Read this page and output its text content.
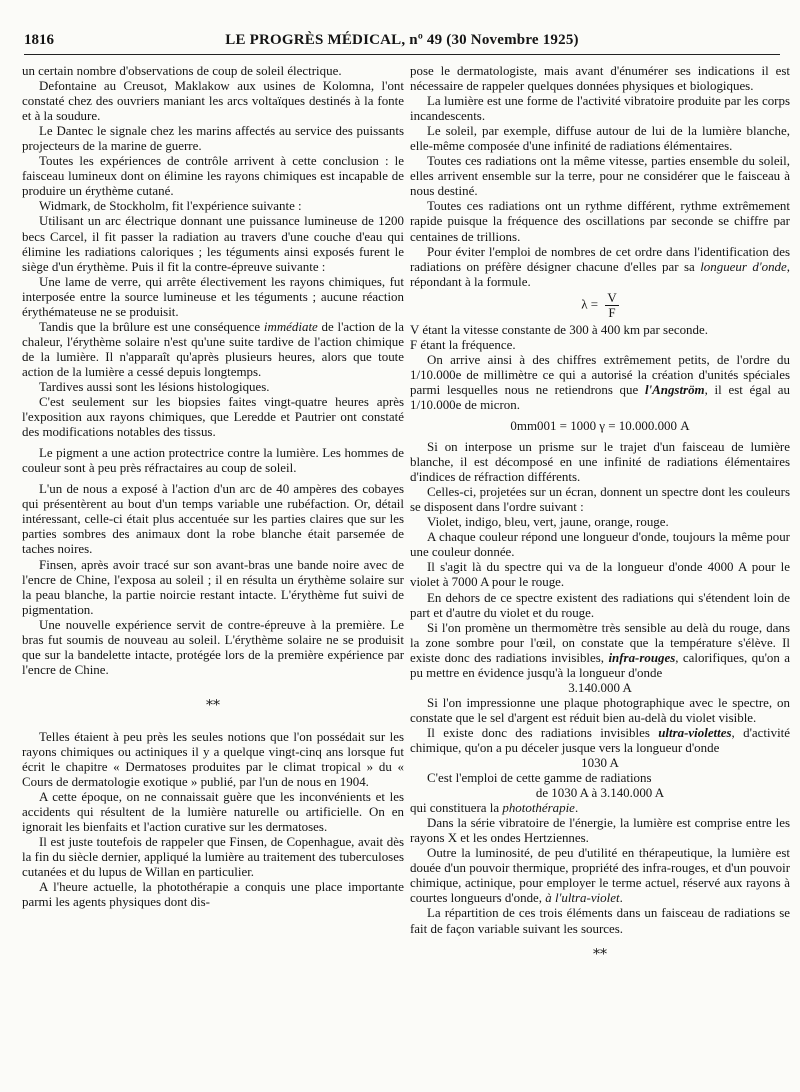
1816	LE PROGRÈS MÉDICAL, nº 49 (30 Novembre 1925)

un certain nombre d'observations de coup de soleil électrique.

Defontaine au Creusot, Maklakow aux usines de Kolomna, l'ont constaté chez des ouvriers maniant les arcs voltaïques destinés à la fonte et à la soudure.

Le Dantec le signale chez les marins affectés au service des puissants projecteurs de la marine de guerre.

Toutes les expériences de contrôle arrivent à cette conclusion : le faisceau lumineux dont on élimine les rayons chimiques est incapable de produire un érythème cutané.

Widmark, de Stockholm, fit l'expérience suivante :

Utilisant un arc électrique donnant une puissance lumineuse de 1200 becs Carcel, il fit passer la radiation au travers d'une couche d'eau qui élimine les radiations caloriques ; les téguments ainsi exposés furent le siège d'un érythème. Puis il fit la contre-épreuve suivante :

Une lame de verre, qui arrête électivement les rayons chimiques, fut interposée entre la source lumineuse et les téguments ; aucune réaction érythémateuse ne se produisit.

Tandis que la brûlure est une conséquence immédiate de l'action de la chaleur, l'érythème solaire n'est qu'une suite tardive de l'action chimique de la lumière. Il n'apparaît qu'après plusieurs heures, alors que toute action de la lumière a cessé depuis longtemps.

Tardives aussi sont les lésions histologiques.

C'est seulement sur les biopsies faites vingt-quatre heures après l'exposition aux rayons chimiques, que Leredde et Pautrier ont constaté des modifications notables des tissus.

Le pigment a une action protectrice contre la lumière. Les hommes de couleur sont à peu près réfractaires au coup de soleil.

L'un de nous a exposé à l'action d'un arc de 40 ampères des cobayes qui présentèrent au bout d'un temps variable une rubéfaction. Or, détail intéressant, celle-ci était plus accentuée sur les parties claires que sur les parties sombres des animaux dont la robe blanche était parsemée de taches noires.

Finsen, après avoir tracé sur son avant-bras une bande noire avec de l'encre de Chine, l'exposa au soleil ; il en résulta un érythème solaire sur la peau blanche, la partie noircie restant intacte. L'érythème fut suivi de pigmentation.

Une nouvelle expérience servit de contre-épreuve à la première. Le bras fut soumis de nouveau au soleil. L'érythème solaire ne se produisit que sur la bandelette intacte, protégée lors de la première expérience par l'encre de Chine.

⁎⁎

Telles étaient à peu près les seules notions que l'on possédait sur les rayons chimiques ou actiniques il y a quelque vingt-cinq ans lorsque fut écrit le chapitre « Dermatoses produites par le climat tropical » du « Cours de dermatologie exotique » publié, par l'un de nous en 1904.

A cette époque, on ne connaissait guère que les inconvénients et les accidents qui résultent de la lumière naturelle ou artificielle. On en ignorait les bienfaits et l'action curative sur les dermatoses.

Il est juste toutefois de rappeler que Finsen, de Copenhague, avait dès la fin du siècle dernier, appliqué la lumière au traitement des tuberculoses cutanées et du lupus de Willan en particulier.

A l'heure actuelle, la photothérapie a conquis une place importante parmi les agents physiques dont dis-

pose le dermatologiste, mais avant d'énumérer ses indications il est nécessaire de rappeler quelques données physiques et biologiques.

La lumière est une forme de l'activité vibratoire produite par les corps incandescents.

Le soleil, par exemple, diffuse autour de lui de la lumière blanche, elle-même composée d'une infinité de radiations élémentaires.

Toutes ces radiations ont la même vitesse, parties ensemble du soleil, elles arrivent ensemble sur la terre, pour ne considérer que le faisceau à nous destiné.

Toutes ces radiations ont un rythme différent, rythme extrêmement rapide puisque la fréquence des oscillations par seconde se chiffre par centaines de trillions.

Pour éviter l'emploi de nombres de cet ordre dans l'identification des radiations on préfère désigner chacune d'elles par sa longueur d'onde, répondant à la formule.

$\lambda = \frac{V}{F}$

V étant la vitesse constante de 300 à 400 km par seconde.

F étant la fréquence.

On arrive ainsi à des chiffres extrêmement petits, de l'ordre du 1/10.000e de millimètre ce qui a autorisé la création d'unités spéciales parmi lesquelles nous ne retiendrons que l'Angström, il est égal au 1/10.000e de micron.

0mm001 = 1000 γ = 10.000.000 A

Si on interpose un prisme sur le trajet d'un faisceau de lumière blanche, il est décomposé en une infinité de radiations élémentaires d'indices de réfraction différents.

Celles-ci, projetées sur un écran, donnent un spectre dont les couleurs se disposent dans l'ordre suivant :

Violet, indigo, bleu, vert, jaune, orange, rouge.

A chaque couleur répond une longueur d'onde, toujours la même pour une couleur donnée.

Il s'agit là du spectre qui va de la longueur d'onde 4000 A pour le violet à 7000 A pour le rouge.

En dehors de ce spectre existent des radiations qui s'étendent loin de part et d'autre du violet et du rouge.

Si l'on promène un thermomètre très sensible au delà du rouge, dans la zone sombre pour l'œil, on constate que la température s'élève. Il existe donc des radiations invisibles, infra-rouges, calorifiques, qu'on a pu mettre en évidence jusqu'à la longueur d'onde

3.140.000 A

Si l'on impressionne une plaque photographique avec le spectre, on constate que le sel d'argent est réduit bien au-delà du violet visible.

Il existe donc des radiations invisibles ultra-violettes, d'activité chimique, qu'on a pu déceler jusque vers la longueur d'onde

1030 A

C'est l'emploi de cette gamme de radiations

de 1030 A à 3.140.000 A

qui constituera la photothérapie.

Dans la série vibratoire de l'énergie, la lumière est comprise entre les rayons X et les ondes Hertziennes.

Outre la luminosité, de peu d'utilité en thérapeutique, la lumière est douée d'un pouvoir thermique, propriété des infra-rouges, et d'un pouvoir chimique, actinique, pour employer le terme actuel, réservé aux rayons à courtes longueurs d'onde, à l'ultra-violet.

La répartition de ces trois éléments dans un faisceau de radiations se fait de façon variable suivant les sources.

⁎⁎
